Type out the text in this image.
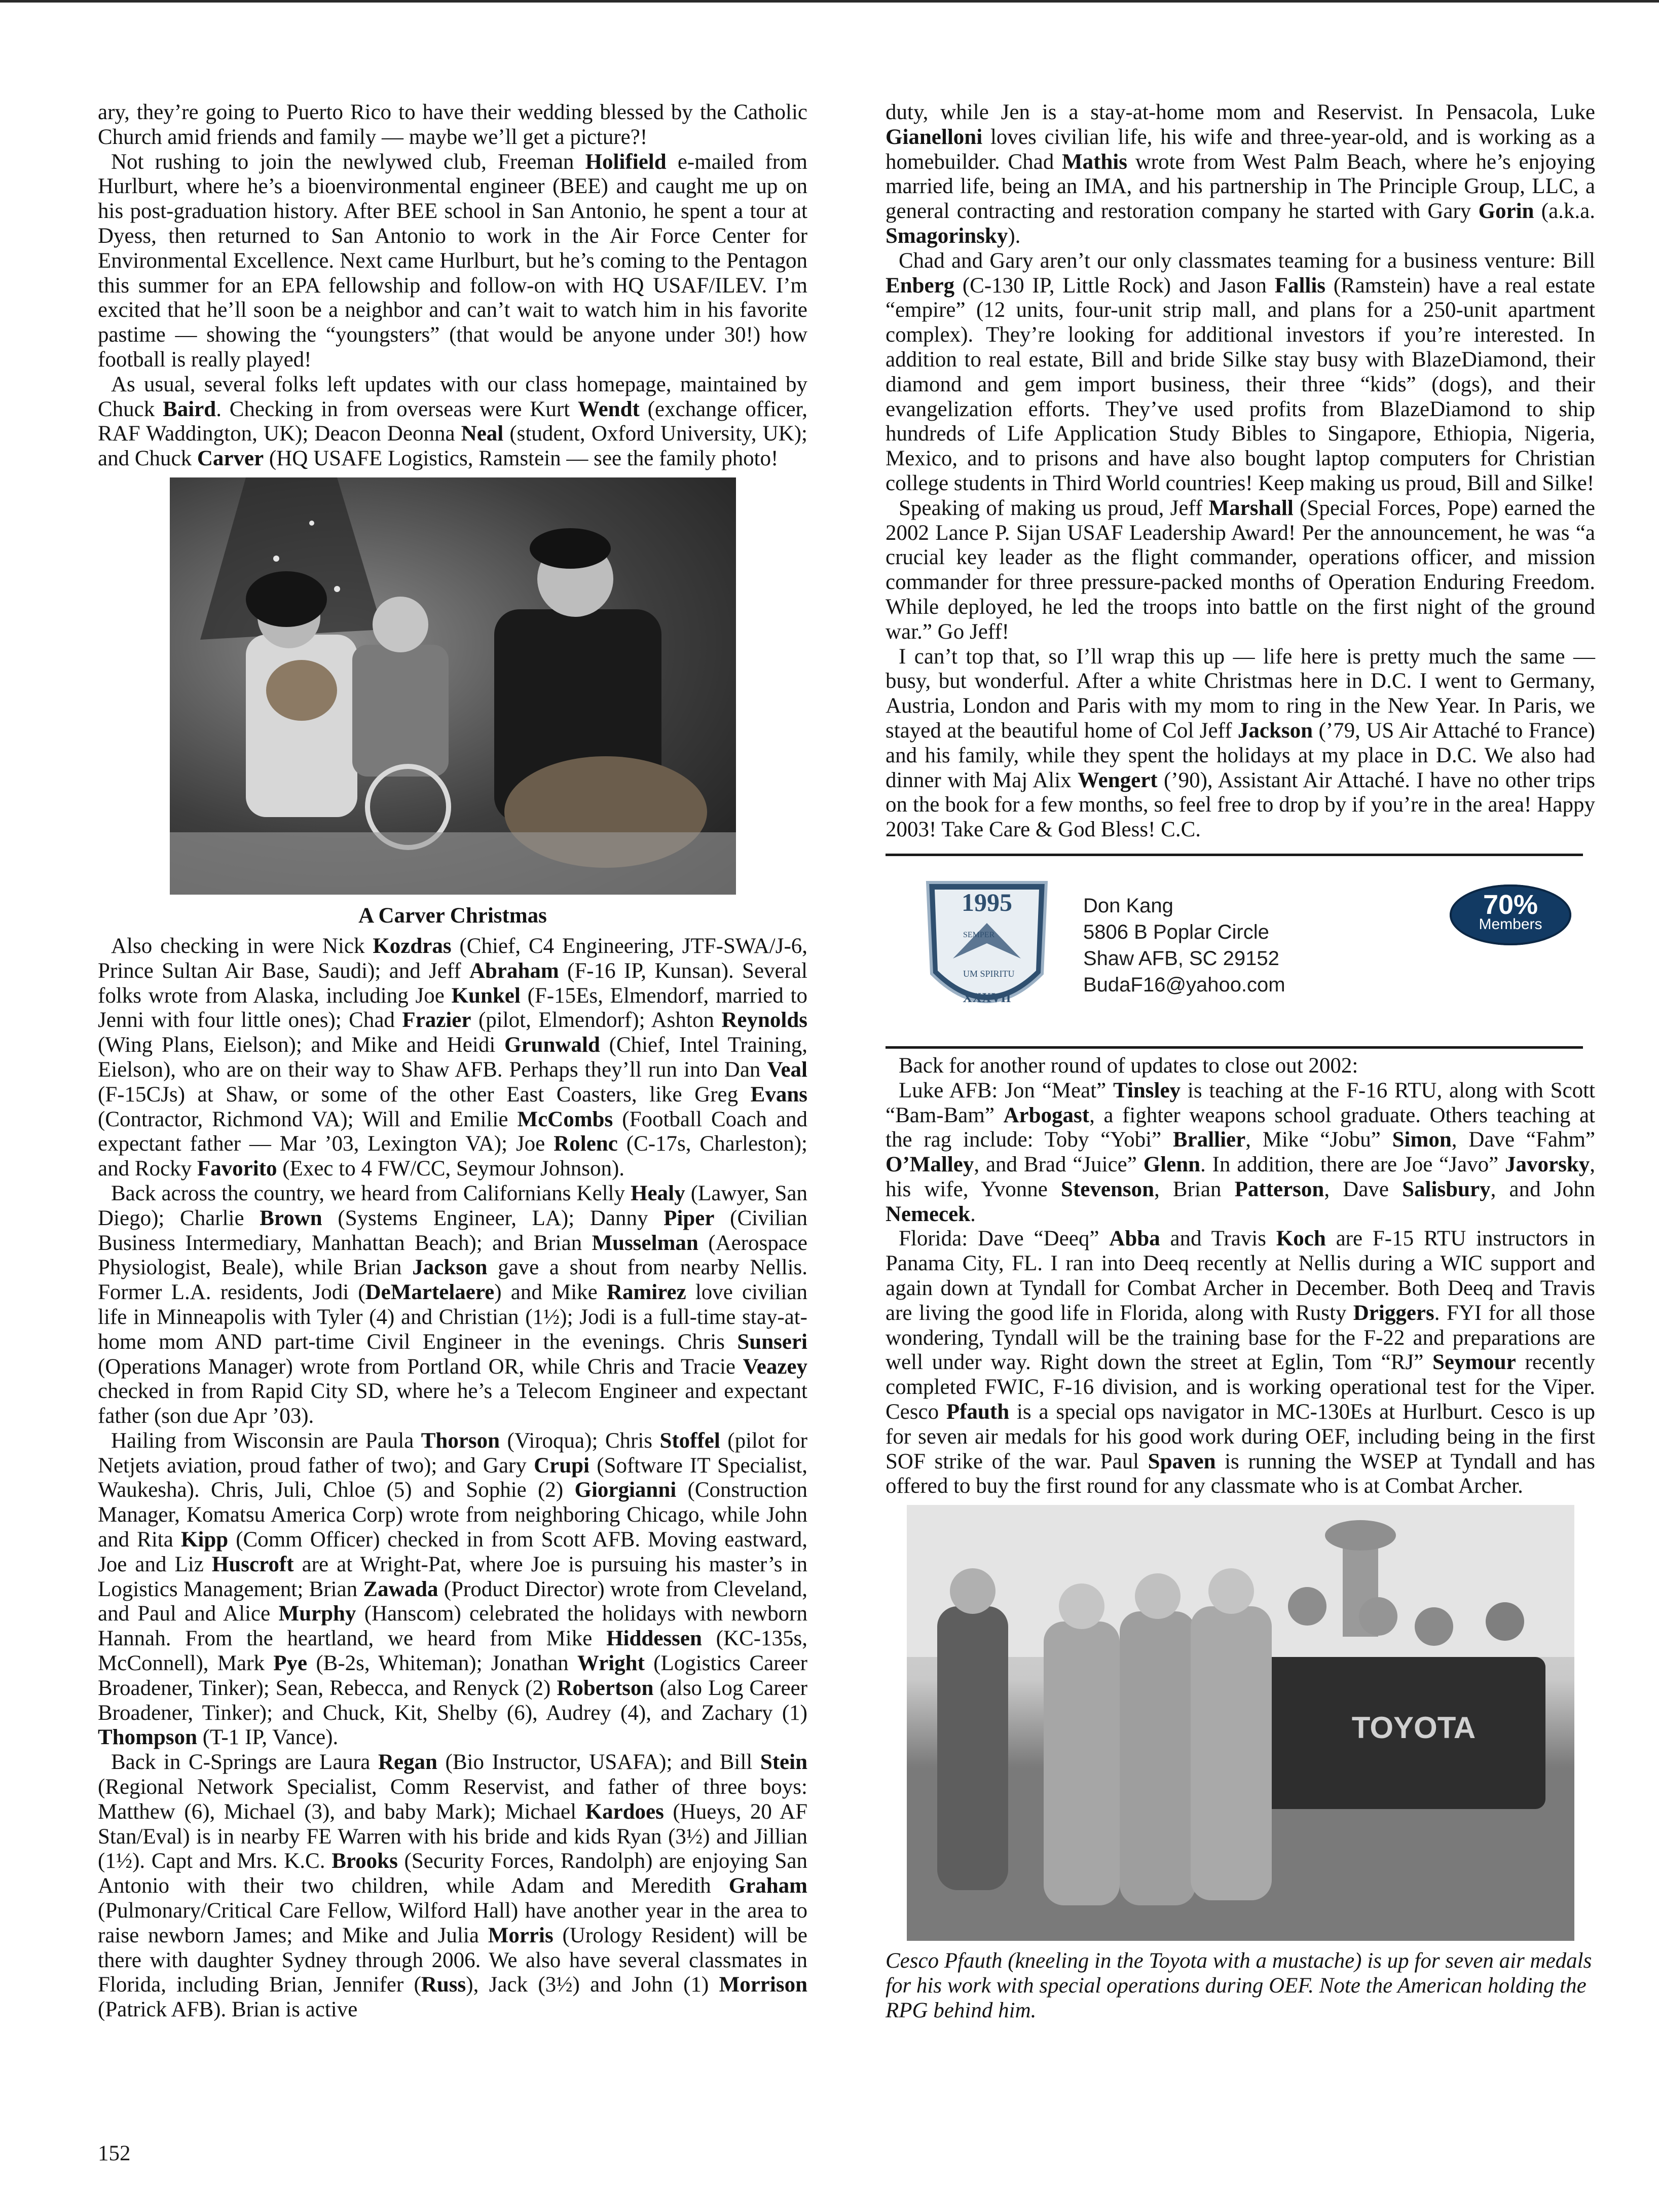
ary, they’re going to Puerto Rico to have their wedding blessed by the Catholic Church amid friends and family — maybe we’ll get a picture?!

Not rushing to join the newlywed club, Freeman Holifield e-mailed from Hurlburt, where he’s a bioenvironmental engineer (BEE) and caught me up on his post-graduation history. After BEE school in San Antonio, he spent a tour at Dyess, then returned to San Antonio to work in the Air Force Center for Environmental Excellence. Next came Hurlburt, but he’s coming to the Pentagon this summer for an EPA fellowship and follow-on with HQ USAF/ILEV. I’m excited that he’ll soon be a neighbor and can’t wait to watch him in his favorite pastime — showing the “youngsters” (that would be anyone under 30!) how football is really played!

As usual, several folks left updates with our class homepage, maintained by Chuck Baird. Checking in from overseas were Kurt Wendt (exchange officer, RAF Waddington, UK); Deacon Deonna Neal (student, Oxford University, UK); and Chuck Carver (HQ USAFE Logistics, Ramstein — see the family photo!

A Carver Christmas

Also checking in were Nick Kozdras (Chief, C4 Engineering, JTF-SWA/J-6, Prince Sultan Air Base, Saudi); and Jeff Abraham (F-16 IP, Kunsan). Several folks wrote from Alaska, including Joe Kunkel (F-15Es, Elmendorf, married to Jenni with four little ones); Chad Frazier (pilot, Elmendorf); Ashton Reynolds (Wing Plans, Eielson); and Mike and Heidi Grunwald (Chief, Intel Training, Eielson), who are on their way to Shaw AFB. Perhaps they’ll run into Dan Veal (F-15CJs) at Shaw, or some of the other East Coasters, like Greg Evans (Contractor, Richmond VA); Will and Emilie McCombs (Football Coach and expectant father — Mar ’03, Lexington VA); Joe Rolenc (C-17s, Charleston); and Rocky Favorito (Exec to 4 FW/CC, Seymour Johnson).

Back across the country, we heard from Californians Kelly Healy (Lawyer, San Diego); Charlie Brown (Systems Engineer, LA); Danny Piper (Civilian Business Intermediary, Manhattan Beach); and Brian Musselman (Aerospace Physiologist, Beale), while Brian Jackson gave a shout from nearby Nellis. Former L.A. residents, Jodi (DeMartelaere) and Mike Ramirez love civilian life in Minneapolis with Tyler (4) and Christian (1½); Jodi is a full-time stay-at-home mom AND part-time Civil Engineer in the evenings. Chris Sunseri (Operations Manager) wrote from Portland OR, while Chris and Tracie Veazey checked in from Rapid City SD, where he’s a Telecom Engineer and expectant father (son due Apr ’03).

Hailing from Wisconsin are Paula Thorson (Viroqua); Chris Stoffel (pilot for Netjets aviation, proud father of two); and Gary Crupi (Software IT Specialist, Waukesha). Chris, Juli, Chloe (5) and Sophie (2) Giorgianni (Construction Manager, Komatsu America Corp) wrote from neighboring Chicago, while John and Rita Kipp (Comm Officer) checked in from Scott AFB. Moving eastward, Joe and Liz Huscroft are at Wright-Pat, where Joe is pursuing his master’s in Logistics Management; Brian Zawada (Product Director) wrote from Cleveland, and Paul and Alice Murphy (Hanscom) celebrated the holidays with newborn Hannah. From the heartland, we heard from Mike Hiddessen (KC-135s, McConnell), Mark Pye (B-2s, Whiteman); Jonathan Wright (Logistics Career Broadener, Tinker); Sean, Rebecca, and Renyck (2) Robertson (also Log Career Broadener, Tinker); and Chuck, Kit, Shelby (6), Audrey (4), and Zachary (1) Thompson (T-1 IP, Vance).

Back in C-Springs are Laura Regan (Bio Instructor, USAFA); and Bill Stein (Regional Network Specialist, Comm Reservist, and father of three boys: Matthew (6), Michael (3), and baby Mark); Michael Kardoes (Hueys, 20 AF Stan/Eval) is in nearby FE Warren with his bride and kids Ryan (3½) and Jillian (1½). Capt and Mrs. K.C. Brooks (Security Forces, Randolph) are enjoying San Antonio with their two children, while Adam and Meredith Graham (Pulmonary/Critical Care Fellow, Wilford Hall) have another year in the area to raise newborn James; and Mike and Julia Morris (Urology Resident) will be there with daughter Sydney through 2006. We also have several classmates in Florida, including Brian, Jennifer (Russ), Jack (3½) and John (1) Morrison (Patrick AFB). Brian is active

duty, while Jen is a stay-at-home mom and Reservist. In Pensacola, Luke Gianelloni loves civilian life, his wife and three-year-old, and is working as a homebuilder. Chad Mathis wrote from West Palm Beach, where he’s enjoying married life, being an IMA, and his partnership in The Principle Group, LLC, a general contracting and restoration company he started with Gary Gorin (a.k.a. Smagorinsky).

Chad and Gary aren’t our only classmates teaming for a business venture: Bill Enberg (C-130 IP, Little Rock) and Jason Fallis (Ramstein) have a real estate “empire” (12 units, four-unit strip mall, and plans for a 250-unit apartment complex). They’re looking for additional investors if you’re interested. In addition to real estate, Bill and bride Silke stay busy with BlazeDiamond, their diamond and gem import business, their three “kids” (dogs), and their evangelization efforts. They’ve used profits from BlazeDiamond to ship hundreds of Life Application Study Bibles to Singapore, Ethiopia, Nigeria, Mexico, and to prisons and have also bought laptop computers for Christian college students in Third World countries! Keep making us proud, Bill and Silke!

Speaking of making us proud, Jeff Marshall (Special Forces, Pope) earned the 2002 Lance P. Sijan USAF Leadership Award! Per the announcement, he was “a crucial key leader as the flight commander, operations officer, and mission commander for three pressure-packed months of Operation Enduring Freedom. While deployed, he led the troops into battle on the first night of the ground war.” Go Jeff!

I can’t top that, so I’ll wrap this up — life here is pretty much the same — busy, but wonderful. After a white Christmas here in D.C. I went to Germany, Austria, London and Paris with my mom to ring in the New Year. In Paris, we stayed at the beautiful home of Col Jeff Jackson (’79, US Air Attaché to France) and his family, while they spent the holidays at my place in D.C. We also had dinner with Maj Alix Wengert (’90), Assistant Air Attaché. I have no other trips on the book for a few months, so feel free to drop by if you’re in the area! Happy 2003! Take Care & God Bless! C.C.

1995
SEMPER
UM SPIRITU
XXXVII
Don Kang
5806 B Poplar Circle
Shaw AFB, SC 29152
BudaF16@yahoo.com
70%
Members

Back for another round of updates to close out 2002:

Luke AFB: Jon “Meat” Tinsley is teaching at the F-16 RTU, along with Scott “Bam-Bam” Arbogast, a fighter weapons school graduate. Others teaching at the rag include: Toby “Yobi” Brallier, Mike “Jobu” Simon, Dave “Fahm” O’Malley, and Brad “Juice” Glenn. In addition, there are Joe “Javo” Javorsky, his wife, Yvonne Stevenson, Brian Patterson, Dave Salisbury, and John Nemecek.

Florida: Dave “Deeq” Abba and Travis Koch are F-15 RTU instructors in Panama City, FL. I ran into Deeq recently at Nellis during a WIC support and again down at Tyndall for Combat Archer in December. Both Deeq and Travis are living the good life in Florida, along with Rusty Driggers. FYI for all those wondering, Tyndall will be the training base for the F-22 and preparations are well under way. Right down the street at Eglin, Tom “RJ” Seymour recently completed FWIC, F-16 division, and is working operational test for the Viper. Cesco Pfauth is a special ops navigator in MC-130Es at Hurlburt. Cesco is up for seven air medals for his good work during OEF, including being in the first SOF strike of the war. Paul Spaven is running the WSEP at Tyndall and has offered to buy the first round for any classmate who is at Combat Archer.

TOYOTA

Cesco Pfauth (kneeling in the Toyota with a mustache) is up for seven air medals for his work with special operations during OEF. Note the American holding the RPG behind him.

152
